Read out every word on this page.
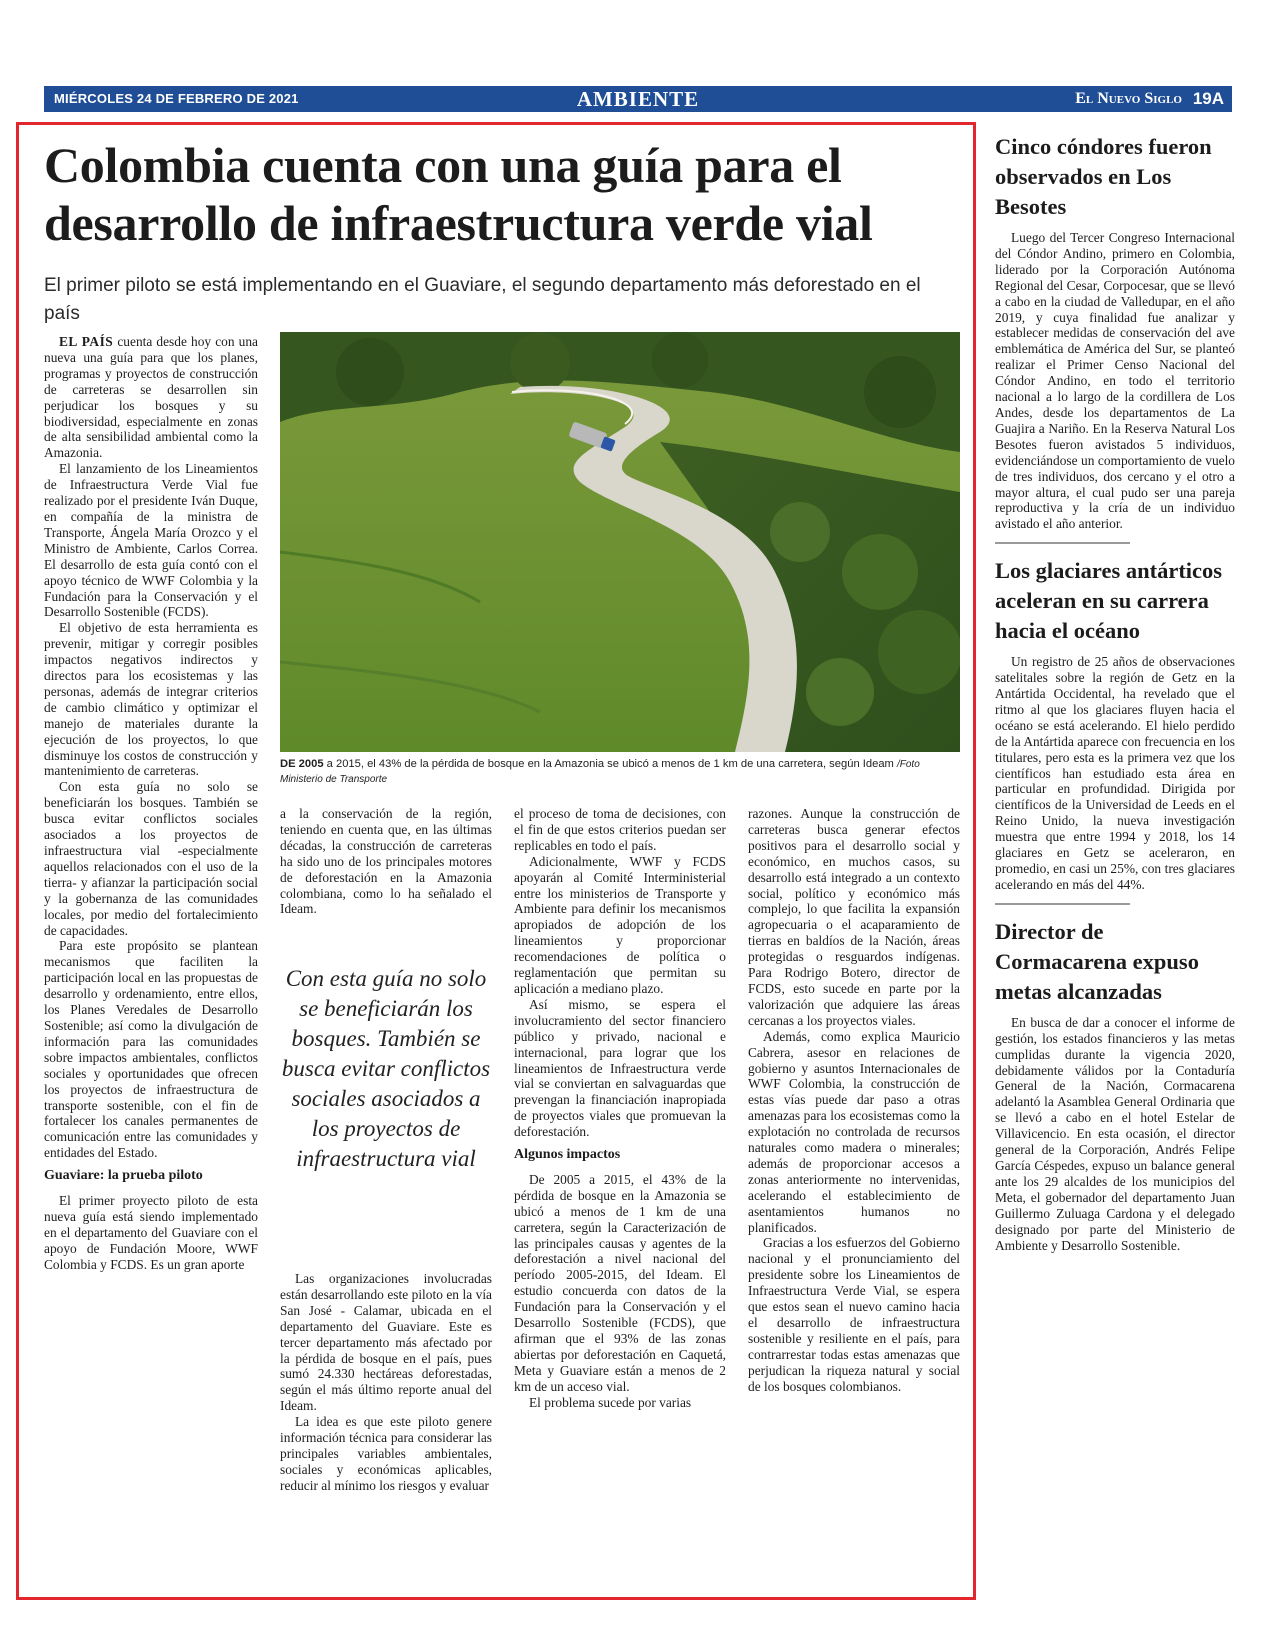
MIÉRCOLES 24 DE FEBRERO DE 2021	AMBIENTE	El Nuevo Siglo 19A
Colombia cuenta con una guía para el desarrollo de infraestructura verde vial

El primer piloto se está implementando en el Guaviare, el segundo departamento más deforestado en el país

DE 2005 a 2015, el 43% de la pérdida de bosque en la Amazonia se ubicó a menos de 1 km de una carretera, según Ideam /Foto Ministerio de Transporte

EL PAÍS cuenta desde hoy con una nueva una guía para que los planes, programas y proyectos de construcción de carreteras se desarrollen sin perjudicar los bosques y su biodiversidad, especialmente en zonas de alta sensibilidad ambiental como la Amazonia.

El lanzamiento de los Lineamientos de Infraestructura Verde Vial fue realizado por el presidente Iván Duque, en compañía de la ministra de Transporte, Ángela María Orozco y el Ministro de Ambiente, Carlos Correa. El desarrollo de esta guía contó con el apoyo técnico de WWF Colombia y la Fundación para la Conservación y el Desarrollo Sostenible (FCDS).

El objetivo de esta herramienta es prevenir, mitigar y corregir posibles impactos negativos indirectos y directos para los ecosistemas y las personas, además de integrar criterios de cambio climático y optimizar el manejo de materiales durante la ejecución de los proyectos, lo que disminuye los costos de construcción y mantenimiento de carreteras.

Con esta guía no solo se beneficiarán los bosques. También se busca evitar conflictos sociales asociados a los proyectos de infraestructura vial -especialmente aquellos relacionados con el uso de la tierra- y afianzar la participación social y la gobernanza de las comunidades locales, por medio del fortalecimiento de capacidades.

Para este propósito se plantean mecanismos que faciliten la participación local en las propuestas de desarrollo y ordenamiento, entre ellos, los Planes Veredales de Desarrollo Sostenible; así como la divulgación de información para las comunidades sobre impactos ambientales, conflictos sociales y oportunidades que ofrecen los proyectos de infraestructura de transporte sostenible, con el fin de fortalecer los canales permanentes de comunicación entre las comunidades y entidades del Estado.

Guaviare: la prueba piloto

El primer proyecto piloto de esta nueva guía está siendo implementado en el departamento del Guaviare con el apoyo de Fundación Moore, WWF Colombia y FCDS. Es un gran aporte

a la conservación de la región, teniendo en cuenta que, en las últimas décadas, la construcción de carreteras ha sido uno de los principales motores de deforestación en la Amazonia colombiana, como lo ha señalado el Ideam.

Con esta guía no solo se beneficiarán los bosques. También se busca evitar conflictos sociales asociados a los proyectos de infraestructura vial

Las organizaciones involucradas están desarrollando este piloto en la vía San José - Calamar, ubicada en el departamento del Guaviare. Este es tercer departamento más afectado por la pérdida de bosque en el país, pues sumó 24.330 hectáreas deforestadas, según el más último reporte anual del Ideam.

La idea es que este piloto genere información técnica para considerar las principales variables ambientales, sociales y económicas aplicables, reducir al mínimo los riesgos y evaluar

el proceso de toma de decisiones, con el fin de que estos criterios puedan ser replicables en todo el país.

Adicionalmente, WWF y FCDS apoyarán al Comité Interministerial entre los ministerios de Transporte y Ambiente para definir los mecanismos apropiados de adopción de los lineamientos y proporcionar recomendaciones de política o reglamentación que permitan su aplicación a mediano plazo.

Así mismo, se espera el involucramiento del sector financiero público y privado, nacional e internacional, para lograr que los lineamientos de Infraestructura verde vial se conviertan en salvaguardas que prevengan la financiación inapropiada de proyectos viales que promuevan la deforestación.

Algunos impactos

De 2005 a 2015, el 43% de la pérdida de bosque en la Amazonia se ubicó a menos de 1 km de una carretera, según la Caracterización de las principales causas y agentes de la deforestación a nivel nacional del período 2005-2015, del Ideam. El estudio concuerda con datos de la Fundación para la Conservación y el Desarrollo Sostenible (FCDS), que afirman que el 93% de las zonas abiertas por deforestación en Caquetá, Meta y Guaviare están a menos de 2 km de un acceso vial.

El problema sucede por varias

razones. Aunque la construcción de carreteras busca generar efectos positivos para el desarrollo social y económico, en muchos casos, su desarrollo está integrado a un contexto social, político y económico más complejo, lo que facilita la expansión agropecuaria o el acaparamiento de tierras en baldíos de la Nación, áreas protegidas o resguardos indígenas. Para Rodrigo Botero, director de FCDS, esto sucede en parte por la valorización que adquiere las áreas cercanas a los proyectos viales.

Además, como explica Mauricio Cabrera, asesor en relaciones de gobierno y asuntos Internacionales de WWF Colombia, la construcción de estas vías puede dar paso a otras amenazas para los ecosistemas como la explotación no controlada de recursos naturales como madera o minerales; además de proporcionar accesos a zonas anteriormente no intervenidas, acelerando el establecimiento de asentamientos humanos no planificados.

Gracias a los esfuerzos del Gobierno nacional y el pronunciamiento del presidente sobre los Lineamientos de Infraestructura Verde Vial, se espera que estos sean el nuevo camino hacia el desarrollo de infraestructura sostenible y resiliente en el país, para contrarrestar todas estas amenazas que perjudican la riqueza natural y social de los bosques colombianos.

Cinco cóndores fueron observados en Los Besotes

Luego del Tercer Congreso Internacional del Cóndor Andino, primero en Colombia, liderado por la Corporación Autónoma Regional del Cesar, Corpocesar, que se llevó a cabo en la ciudad de Valledupar, en el año 2019, y cuya finalidad fue analizar y establecer medidas de conservación del ave emblemática de América del Sur, se planteó realizar el Primer Censo Nacional del Cóndor Andino, en todo el territorio nacional a lo largo de la cordillera de Los Andes, desde los departamentos de La Guajira a Nariño. En la Reserva Natural Los Besotes fueron avistados 5 individuos, evidenciándose un comportamiento de vuelo de tres individuos, dos cercano y el otro a mayor altura, el cual pudo ser una pareja reproductiva y la cría de un individuo avistado el año anterior.

Los glaciares antárticos aceleran en su carrera hacia el océano

Un registro de 25 años de observaciones satelitales sobre la región de Getz en la Antártida Occidental, ha revelado que el ritmo al que los glaciares fluyen hacia el océano se está acelerando. El hielo perdido de la Antártida aparece con frecuencia en los titulares, pero esta es la primera vez que los científicos han estudiado esta área en particular en profundidad. Dirigida por científicos de la Universidad de Leeds en el Reino Unido, la nueva investigación muestra que entre 1994 y 2018, los 14 glaciares en Getz se aceleraron, en promedio, en casi un 25%, con tres glaciares acelerando en más del 44%.

Director de Cormacarena expuso metas alcanzadas

En busca de dar a conocer el informe de gestión, los estados financieros y las metas cumplidas durante la vigencia 2020, debidamente válidos por la Contaduría General de la Nación, Cormacarena adelantó la Asamblea General Ordinaria que se llevó a cabo en el hotel Estelar de Villavicencio. En esta ocasión, el director general de la Corporación, Andrés Felipe García Céspedes, expuso un balance general ante los 29 alcaldes de los municipios del Meta, el gobernador del departamento Juan Guillermo Zuluaga Cardona y el delegado designado por parte del Ministerio de Ambiente y Desarrollo Sostenible.
